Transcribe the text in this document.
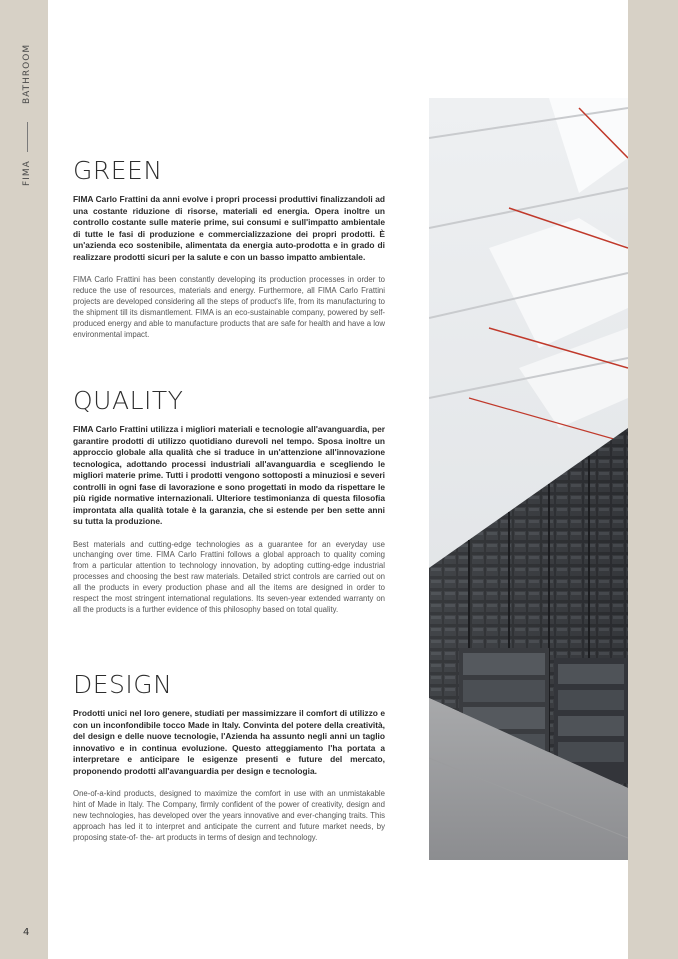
FIMA
BATHROOM
4
GREEN

FIMA Carlo Frattini da anni evolve i propri processi produttivi finalizzandoli ad una costante riduzione di risorse, materiali ed energia. Opera inoltre un controllo costante sulle materie prime, sui consumi e sull'impatto ambientale di tutte le fasi di produzione e commercializzazione dei propri prodotti. È un'azienda eco sostenibile, alimentata da energia auto-prodotta e in grado di realizzare prodotti sicuri per la salute e con un basso impatto ambientale.

FIMA Carlo Frattini has been constantly developing its production processes in order to reduce the use of resources, materials and energy. Furthermore, all FIMA Carlo Frattini projects are developed considering all the steps of product's life, from its manufacturing to the shipment till its dismantlement. FIMA is an eco-sustainable company, powered by self-produced energy and able to manufacture products that are safe for health and have a low environmental impact.

QUALITY

FIMA Carlo Frattini utilizza i migliori materiali e tecnologie all'avanguardia, per garantire prodotti di utilizzo quotidiano durevoli nel tempo. Sposa inoltre un approccio globale alla qualità che si traduce in un'attenzione all'innovazione tecnologica, adottando processi industriali all'avanguardia e scegliendo le migliori materie prime. Tutti i prodotti vengono sottoposti a minuziosi e severi controlli in ogni fase di lavorazione e sono progettati in modo da rispettare le più rigide normative internazionali. Ulteriore testimonianza di questa filosofia improntata alla qualità totale è la garanzia, che si estende per ben sette anni su tutta la produzione.

Best materials and cutting-edge technologies as a guarantee for an everyday use unchanging over time. FIMA Carlo Frattini follows a global approach to quality coming from a particular attention to technology innovation, by adopting cutting-edge industrial processes and choosing the best raw materials. Detailed strict controls are carried out on all the products in every production phase and all the items are designed in order to respect the most stringent international regulations. Its seven-year extended warranty on all the products is a further evidence of this philosophy based on total quality.

DESIGN

Prodotti unici nel loro genere, studiati per massimizzare il comfort di utilizzo e con un inconfondibile tocco Made in Italy. Convinta del potere della creatività, del design e delle nuove tecnologie, l'Azienda ha assunto negli anni un taglio innovativo e in continua evoluzione. Questo atteggiamento l'ha portata a interpretare e anticipare le esigenze presenti e future del mercato, proponendo prodotti all'avanguardia per design e tecnologia.

One-of-a-kind products, designed to maximize the comfort in use with an unmistakable hint of Made in Italy. The Company, firmly confident of the power of creativity, design and new technologies, has developed over the years innovative and ever-changing traits. This approach has led it to interpret and anticipate the current and future market needs, by proposing state-of- the- art products in terms of design and technology.
